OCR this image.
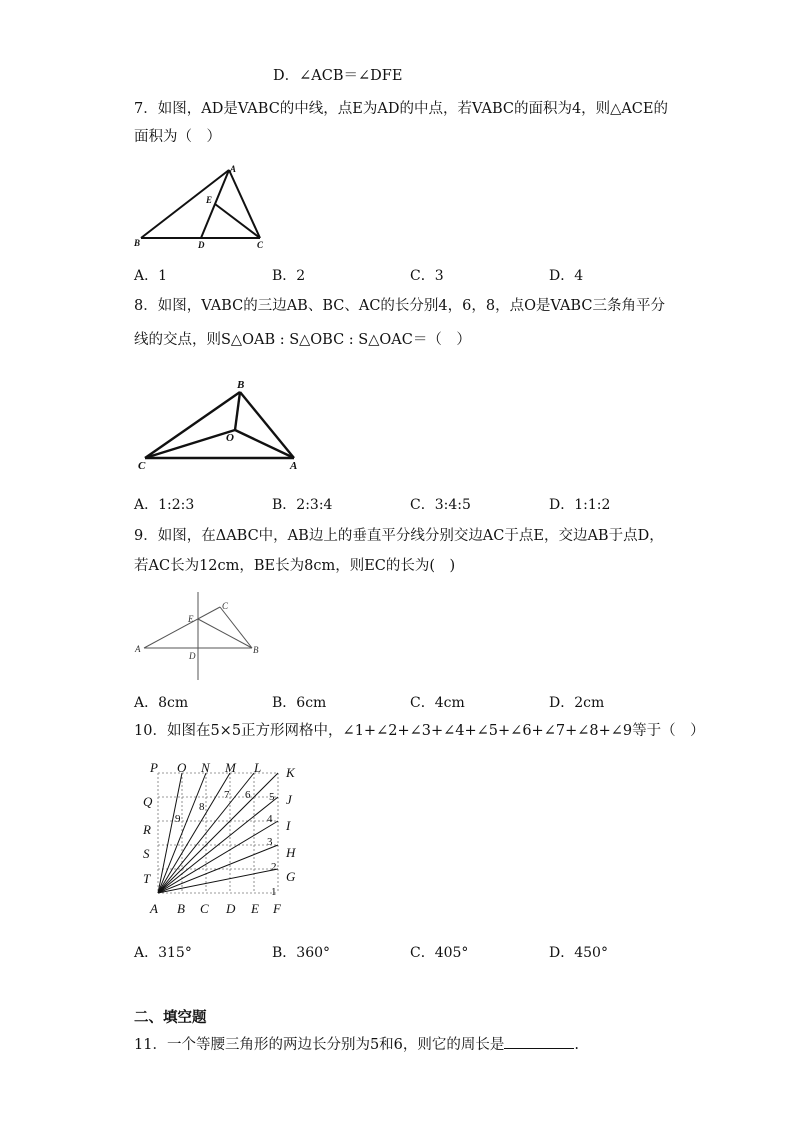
D．∠ACB＝∠DFE
7．如图，AD是VABC的中线，点E为AD的中点，若VABC的面积为4，则△ACE的
面积为（　）
A
B	C
D
E
A．1	B．2	C．3	D．4
8．如图，VABC的三边AB、BC、AC的长分别4，6，8，点O是VABC三条角平分
线的交点，则S△OAB : S△OBC : S△OAC＝（　）
B
C	A
O
A．1:2:3	B．2:3:4	C．3:4:5	D．1:1:2
9．如图，在ΔABC中，AB边上的垂直平分线分别交边AC于点E，交边AB于点D，
若AC长为12cm，BE长为8cm，则EC的长为(　)
A	B
C
D
E
A．8cm	B．6cm	C．4cm	D．2cm
10．如图在5×5正方形网格中，∠1+∠2+∠3+∠4+∠5+∠6+∠7+∠8+∠9等于（　）
P O N M L K
J
I
H
G
Q
R
S
T
A B C D E F
1
2
3
4
5
6
7
8
9
A．315°	B．360°	C．405°	D．450°
二、填空题
11．一个等腰三角形的两边长分别为5和6，则它的周长是	.
